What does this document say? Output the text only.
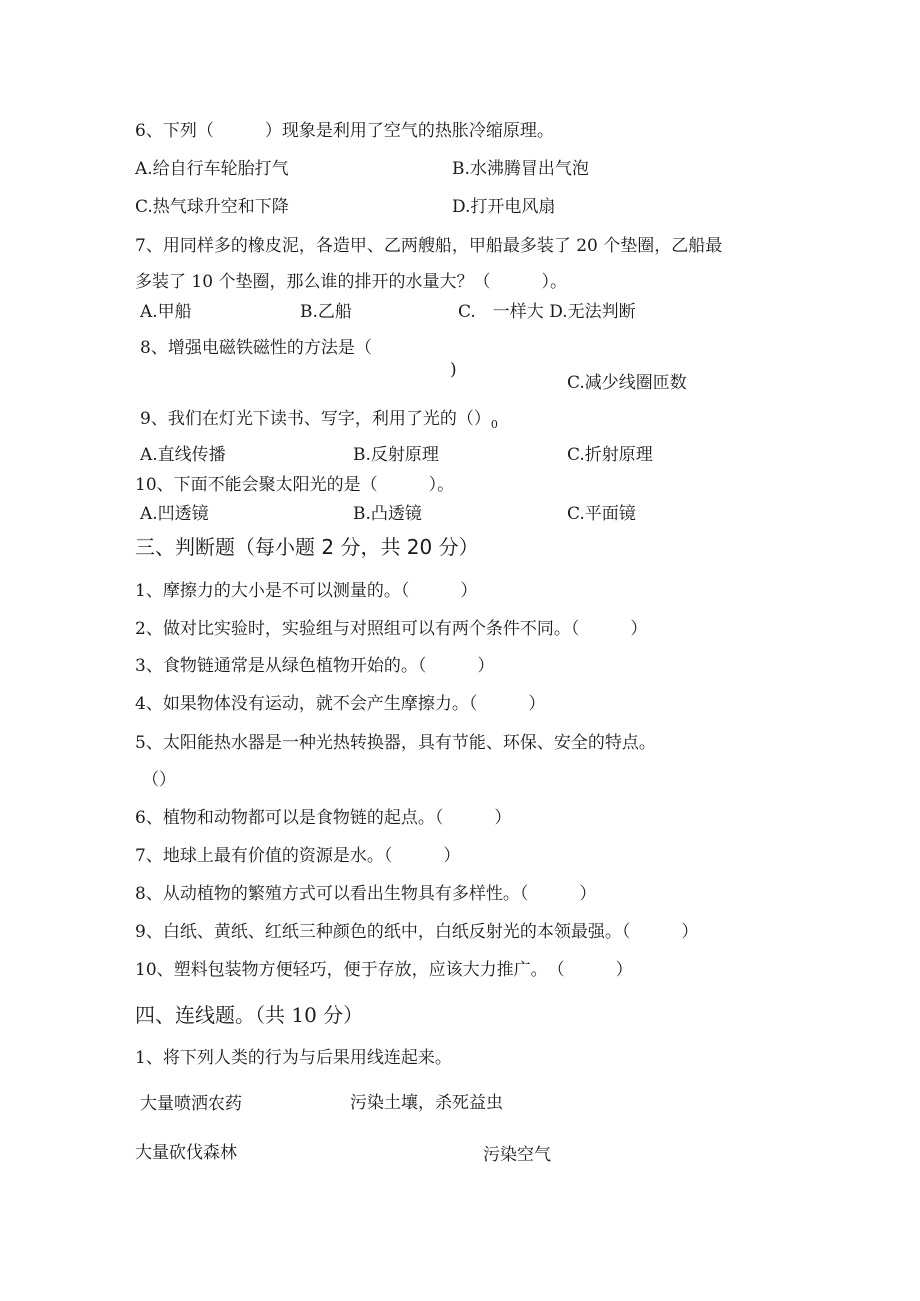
6、下列（　　　）现象是利用了空气的热胀冷缩原理。
A.给自行车轮胎打气	B.水沸腾冒出气泡
C.热气球升空和下降	D.打开电风扇
7、用同样多的橡皮泥，各造甲、乙两艘船，甲船最多装了 20 个垫圈，乙船最
多装了 10 个垫圈，那么谁的排开的水量大？（　　　）。
A.甲船	B.乙船	C.　一样大 D.无法判断
8、增强电磁铁磁性的方法是（
)
C.减少线圈匝数
9、我们在灯光下读书、写字，利用了光的$()_0$
A.直线传播	B.反射原理	C.折射原理
10、下面不能会聚太阳光的是（　　　）。
A.凹透镜	B.凸透镜	C.平面镜
三、判断题（每小题 2 分，共 20 分）
1、摩擦力的大小是不可以测量的。（　　　）
2、做对比实验时，实验组与对照组可以有两个条件不同。（　　　）
3、食物链通常是从绿色植物开始的。（　　　）
4、如果物体没有运动，就不会产生摩擦力。（　　　）
5、太阳能热水器是一种光热转换器，具有节能、环保、安全的特点。
（）
6、植物和动物都可以是食物链的起点。（　　　）
7、地球上最有价值的资源是水。（　　　）
8、从动植物的繁殖方式可以看出生物具有多样性。（　　　）
9、白纸、黄纸、红纸三种颜色的纸中，白纸反射光的本领最强。（　　　）
10、塑料包装物方便轻巧，便于存放，应该大力推广。　（　　　）
四、连线题。（共 10 分）
1、将下列人类的行为与后果用线连起来。
大量喷洒农药	污染土壤，杀死益虫
大量砍伐森林	污染空气
